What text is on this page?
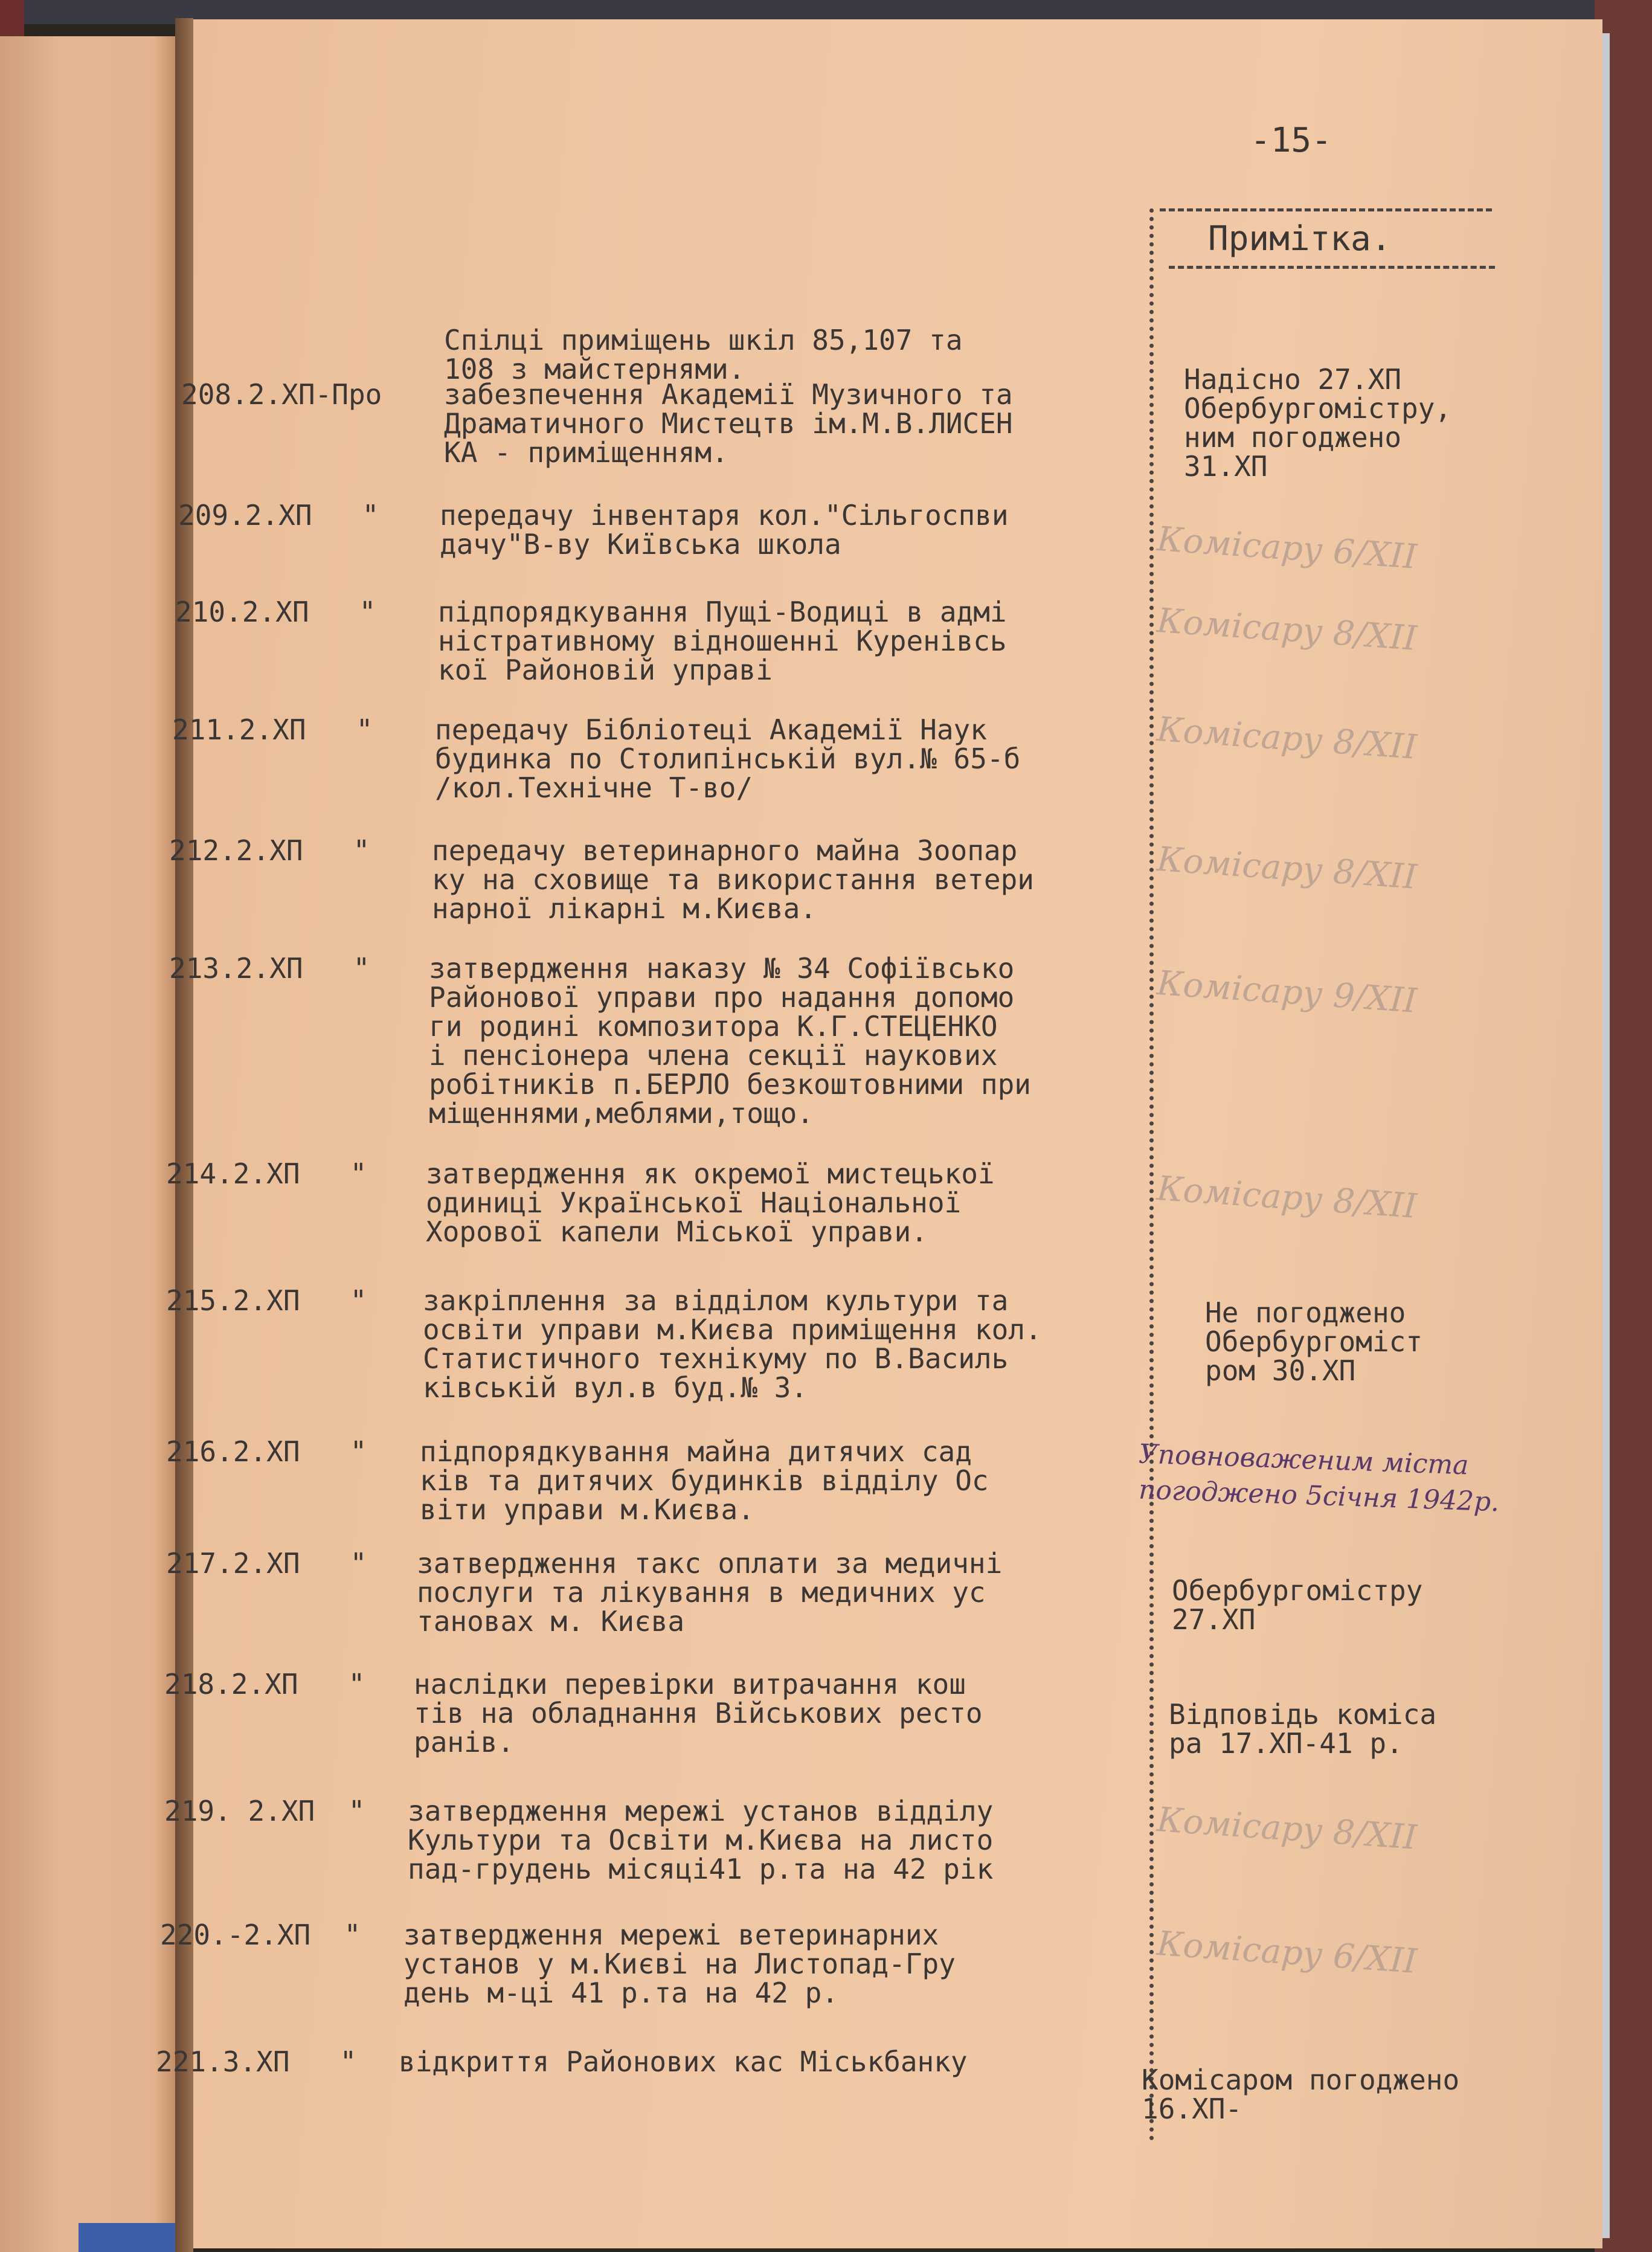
-15-
Примітка.
Спілці приміщень шкіл 85,107 та
108 з майстернями.
208.2.ХП-Про забезпечення Академії Музичного та
Драматичного Мистецтв ім.М.В.ЛИСЕН
КА - приміщенням.
Надісно 27.ХП
Обербургомістру,
ним погоджено
31.ХП
209.2.ХП   " передачу інвентаря кол."Сільгоспви
дачу"В-ву Київська школа	Комісару 6/XII
210.2.ХП   " підпорядкування Пущі-Водиці в адмі
ністративному відношенні Куренівсь
кої Районовій управі
Комісару 8/XII
211.2.ХП   " передачу Бібліотеці Академії Наук
будинка по Столипінській вул.№ 65-б
/кол.Технічне Т-во/
Комісару 8/XII
212.2.ХП   " передачу ветеринарного майна Зоопар
ку на сховище та використання ветери
нарної лікарні м.Києва.
Комісару 8/XII
213.2.ХП   " затвердження наказу № 34 Софіївсько
Районової управи про надання допомо
ги родині композитора К.Г.СТЕЦЕНКО
і пенсіонера члена секції наукових
робітників п.БЕРЛО безкоштовними при
міщеннями,меблями,тощо.
Комісару 9/XII
214.2.ХП   " затвердження як окремої мистецької
одиниці Української Національної
Хорової капели Міської управи.
Комісару 8/XII
215.2.ХП   " закріплення за відділом культури та
освіти управи м.Києва приміщення кол.
Статистичного технікуму по В.Василь
ківській вул.в буд.№ 3.
Не погоджено
Обербургоміст
ром 30.ХП
216.2.ХП   " підпорядкування майна дитячих сад
ків та дитячих будинків відділу Ос
віти управи м.Києва.
Уповноваженим міста
погоджено 5січня 1942р.
217.2.ХП   " затвердження такс оплати за медичні
послуги та лікування в медичних ус
тановах м. Києва
Обербургомістру
27.ХП
218.2.ХП   " наслідки перевірки витрачання кош
тів на обладнання Військових ресто
ранів.
Відповідь коміса
ра 17.ХП-41 р.
219. 2.ХП  " затвердження мережі установ відділу
Культури та Освіти м.Києва на листо
пад-грудень місяці41 р.та на 42 рік
Комісару 8/XII
220.-2.ХП  " затвердження мережі ветеринарних
установ у м.Києві на Листопад-Гру
день м-ці 41 р.та на 42 р.
Комісару 6/XII
221.3.ХП   " відкриття Районових кас Міськбанку
Комісаром погоджено
16.ХП-
